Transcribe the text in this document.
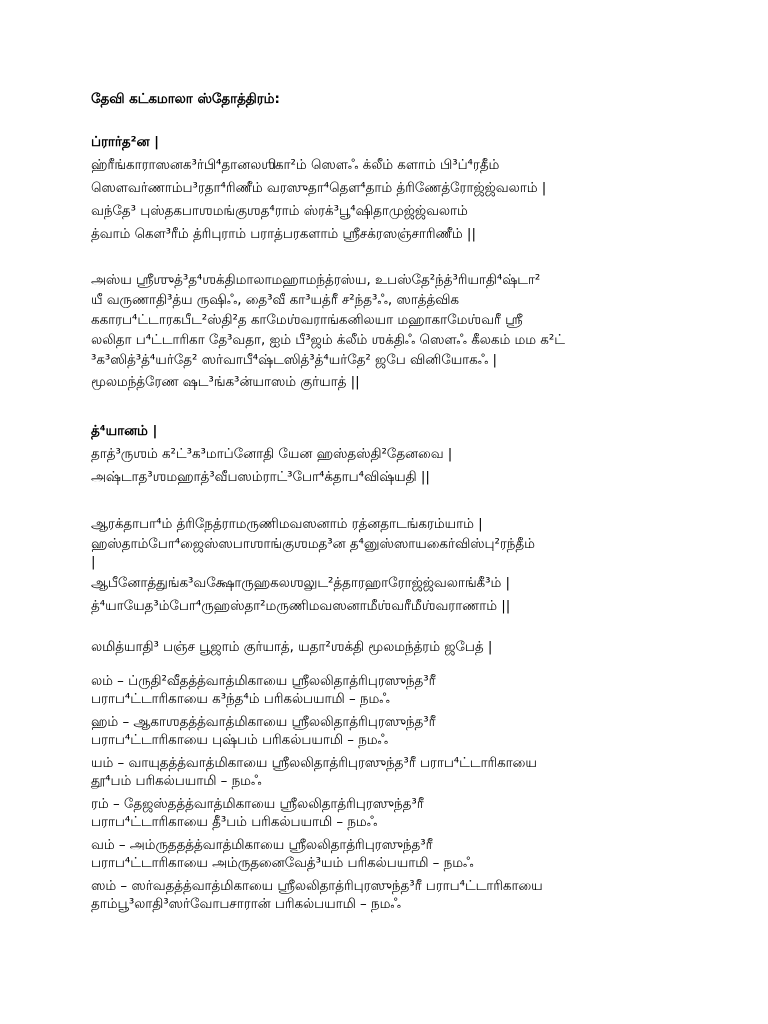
தேவி கட்கமாலா ஸ்தோத்திரம்:
ப்ரார்த²ன |
ஹ்ரீங்காராஸனக³ர்பி⁴தானலஶிகா²ம் ஸௌஃ க்லீம் களாம் பி³ப்⁴ரதீம்
ஸௌவர்ணாம்ப³ரதா⁴ரிணீம் வரஸுதா⁴தௌ⁴தாம் த்ரிணேத்ரோஜ்ஜ்வலாம் |
வந்தே³ புஸ்தகபாஶமங்குஶத⁴ராம் ஸ்ரக்³பூ⁴ஷிதாமுஜ்ஜ்வலாம்
த்வாம் கௌ³ரீம் த்ரிபுராம் பராத்பரகளாம் ஶ்ரீசக்ரஸஞ்சாரிணீம் ||
அஸ்ய ஶ்ரீஶுத்³த⁴ஶக்திமாலாமஹாமந்த்ரஸ்ய, உபஸ்தே²ந்த்³ரியாதி⁴ஷ்டா²
யீ வருணாதி³த்ய ருஷிஃ, தை³வீ கா³யத்ரீ ச²ந்த³ஃ, ஸாத்த்விக
ககாரப⁴ட்டாரகபீட²ஸ்தி²த காமேஶ்வராங்கனிலயா மஹாகாமேஶ்வரீ ஶ்ரீ
லலிதா ப⁴ட்டாரிகா தே³வதா, ஐம் பீ³ஜம் க்லீம் ஶக்திஃ ஸௌஃ கீலகம் மம க²ட்
³க³ஸித்³த்⁴யர்தே² ஸர்வாபீ⁴ஷ்டஸித்³த்⁴யர்தே² ஜபே வினியோகஃ |
மூலமந்த்ரேண ஷட³ங்க³ன்யாஸம் குர்யாத் ||
த்⁴யானம் |
தாத்³ருஶம் க²ட்³க³மாப்னோதி யேன ஹஸ்தஸ்தி²தேனவை |
அஷ்டாத³ஶமஹாத்³வீபஸம்ராட்³போ⁴க்தாப⁴விஷ்யதி ||
ஆரக்தாபா⁴ம் த்ரிநேத்ராமருணிமவஸனாம் ரத்னதாடங்கரம்யாம் |
ஹஸ்தாம்போ⁴ஜைஸ்ஸபாஶாங்குஶமத³ன த⁴னுஸ்ஸாயகைர்விஸ்பு²ரந்தீம்
|
ஆபீனோத்துங்க³வக்ஷோருஹகலஶலுட²த்தாரஹாரோஜ்ஜ்வலாங்கீ³ம் |
த்⁴யாயேத³ம்போ⁴ருஹஸ்தா²மருணிமவஸனாமீஶ்வரீமீஶ்வராணாம் ||
லமித்யாதி³ பஞ்ச பூஜாம் குர்யாத், யதா²ஶக்தி மூலமந்த்ரம் ஜபேத் |
லம் – ப்ருதி²வீதத்த்வாத்மிகாயை ஶ்ரீலலிதாத்ரிபுரஸுந்த³ரீ
பராப⁴ட்டாரிகாயை க³ந்த⁴ம் பரிகல்பயாமி – நமஃ
ஹம் – ஆகாஶதத்த்வாத்மிகாயை ஶ்ரீலலிதாத்ரிபுரஸுந்த³ரீ
பராப⁴ட்டாரிகாயை புஷ்பம் பரிகல்பயாமி – நமஃ
யம் – வாயுதத்த்வாத்மிகாயை ஶ்ரீலலிதாத்ரிபுரஸுந்த³ரீ பராப⁴ட்டாரிகாயை
தூ⁴பம் பரிகல்பயாமி – நமஃ
ரம் – தேஜஸ்தத்த்வாத்மிகாயை ஶ்ரீலலிதாத்ரிபுரஸுந்த³ரீ
பராப⁴ட்டாரிகாயை தீ³பம் பரிகல்பயாமி – நமஃ
வம் – அம்ருததத்த்வாத்மிகாயை ஶ்ரீலலிதாத்ரிபுரஸுந்த³ரீ
பராப⁴ட்டாரிகாயை அம்ருதனைவேத்³யம் பரிகல்பயாமி – நமஃ
ஸம் – ஸர்வதத்த்வாத்மிகாயை ஶ்ரீலலிதாத்ரிபுரஸுந்த³ரீ பராப⁴ட்டாரிகாயை
தாம்பூ³லாதி³ஸர்வோபசாரான் பரிகல்பயாமி – நமஃ
